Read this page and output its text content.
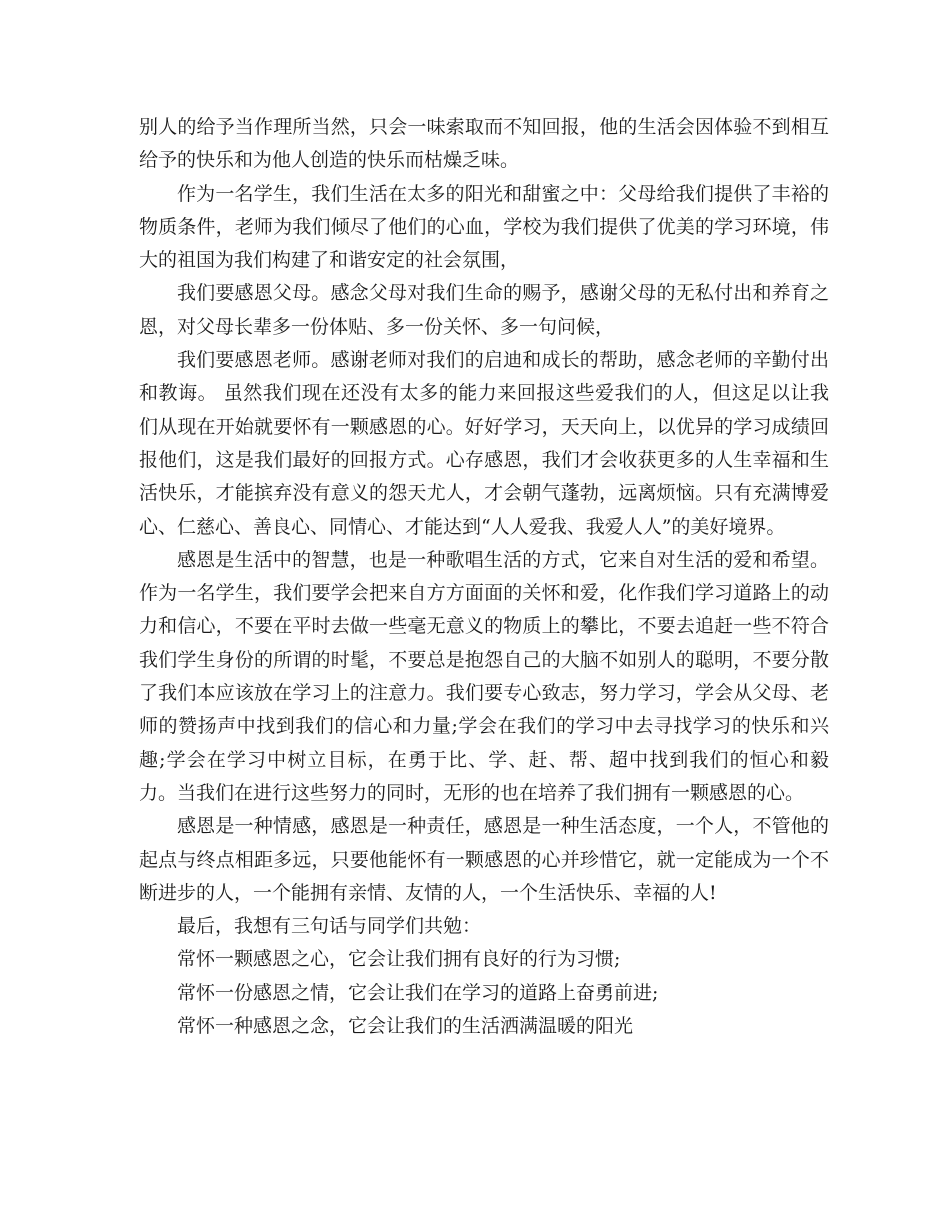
别人的给予当作理所当然，只会一味索取而不知回报，他的生活会因体验不到相互给予的快乐和为他人创造的快乐而枯燥乏味。

作为一名学生，我们生活在太多的阳光和甜蜜之中：父母给我们提供了丰裕的物质条件，老师为我们倾尽了他们的心血，学校为我们提供了优美的学习环境，伟大的祖国为我们构建了和谐安定的社会氛围，

我们要感恩父母。感念父母对我们生命的赐予，感谢父母的无私付出和养育之恩，对父母长辈多一份体贴、多一份关怀、多一句问候，

我们要感恩老师。感谢老师对我们的启迪和成长的帮助，感念老师的辛勤付出和教诲。 虽然我们现在还没有太多的能力来回报这些爱我们的人，但这足以让我们从现在开始就要怀有一颗感恩的心。好好学习，天天向上，以优异的学习成绩回报他们，这是我们最好的回报方式。心存感恩，我们才会收获更多的人生幸福和生活快乐，才能摈弃没有意义的怨天尤人，才会朝气蓬勃，远离烦恼。只有充满博爱心、仁慈心、善良心、同情心、才能达到“人人爱我、我爱人人”的美好境界。

感恩是生活中的智慧，也是一种歌唱生活的方式，它来自对生活的爱和希望。作为一名学生，我们要学会把来自方方面面的关怀和爱，化作我们学习道路上的动力和信心，不要在平时去做一些毫无意义的物质上的攀比，不要去追赶一些不符合我们学生身份的所谓的时髦，不要总是抱怨自己的大脑不如别人的聪明，不要分散了我们本应该放在学习上的注意力。我们要专心致志，努力学习，学会从父母、老师的赞扬声中找到我们的信心和力量;学会在我们的学习中去寻找学习的快乐和兴趣;学会在学习中树立目标，在勇于比、学、赶、帮、超中找到我们的恒心和毅力。当我们在进行这些努力的同时，无形的也在培养了我们拥有一颗感恩的心。

感恩是一种情感，感恩是一种责任，感恩是一种生活态度，一个人，不管他的起点与终点相距多远，只要他能怀有一颗感恩的心并珍惜它，就一定能成为一个不断进步的人，一个能拥有亲情、友情的人，一个生活快乐、幸福的人!

最后，我想有三句话与同学们共勉：

常怀一颗感恩之心，它会让我们拥有良好的行为习惯;

常怀一份感恩之情，它会让我们在学习的道路上奋勇前进;

常怀一种感恩之念，它会让我们的生活洒满温暖的阳光
